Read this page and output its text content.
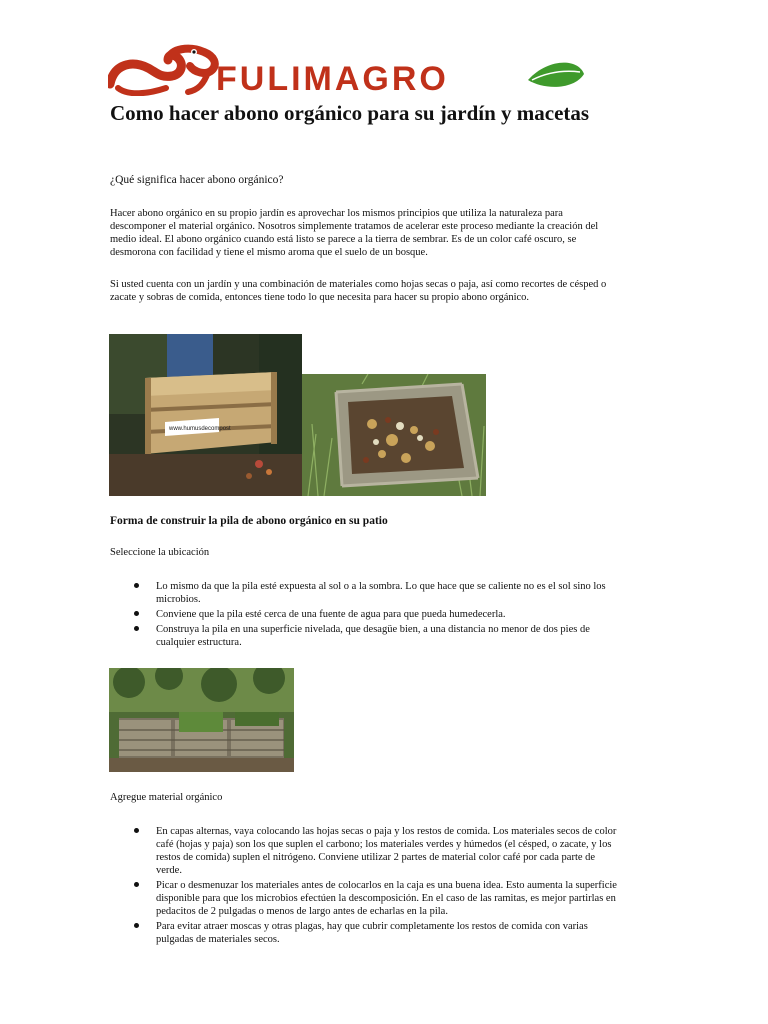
FULIMAGRO
Como hacer abono orgánico para su jardín y macetas

¿Qué significa hacer abono orgánico?

Hacer abono orgánico en su propio jardín es aprovechar los mismos principios que utiliza la naturaleza para descomponer el material orgánico. Nosotros simplemente tratamos de acelerar este proceso mediante la creación del medio ideal. El abono orgánico cuando está listo se parece a la tierra de sembrar. Es de un color café oscuro, se desmorona con facilidad y tiene el mismo aroma que el suelo de un bosque.

Si usted cuenta con un jardín y una combinación de materiales como hojas secas o paja, así como recortes de césped o zacate y sobras de comida, entonces tiene todo lo que necesita para hacer su propio abono orgánico.

www.humusdecompost

Forma de construir la pila de abono orgánico en su patio

Seleccione la ubicación

Lo mismo da que la pila esté expuesta al sol o a la sombra. Lo que hace que se caliente no es el sol sino los microbios.
Conviene que la pila esté cerca de una fuente de agua para que pueda humedecerla.
Construya la pila en una superficie nivelada, que desagüe bien, a una distancia no menor de dos pies de cualquier estructura.

Agregue material orgánico

En capas alternas, vaya colocando las hojas secas o paja y los restos de comida. Los materiales secos de color café (hojas y paja) son los que suplen el carbono; los materiales verdes y húmedos (el césped, o zacate, y los restos de comida) suplen el nitrógeno. Conviene utilizar 2 partes de material color café por cada parte de verde.
Picar o desmenuzar los materiales antes de colocarlos en la caja es una buena idea. Esto aumenta la superficie disponible para que los microbios efectúen la descomposición. En el caso de las ramitas, es mejor partirlas en pedacitos de 2 pulgadas o menos de largo antes de echarlas en la pila.
Para evitar atraer moscas y otras plagas, hay que cubrir completamente los restos de comida con varias pulgadas de materiales secos.
